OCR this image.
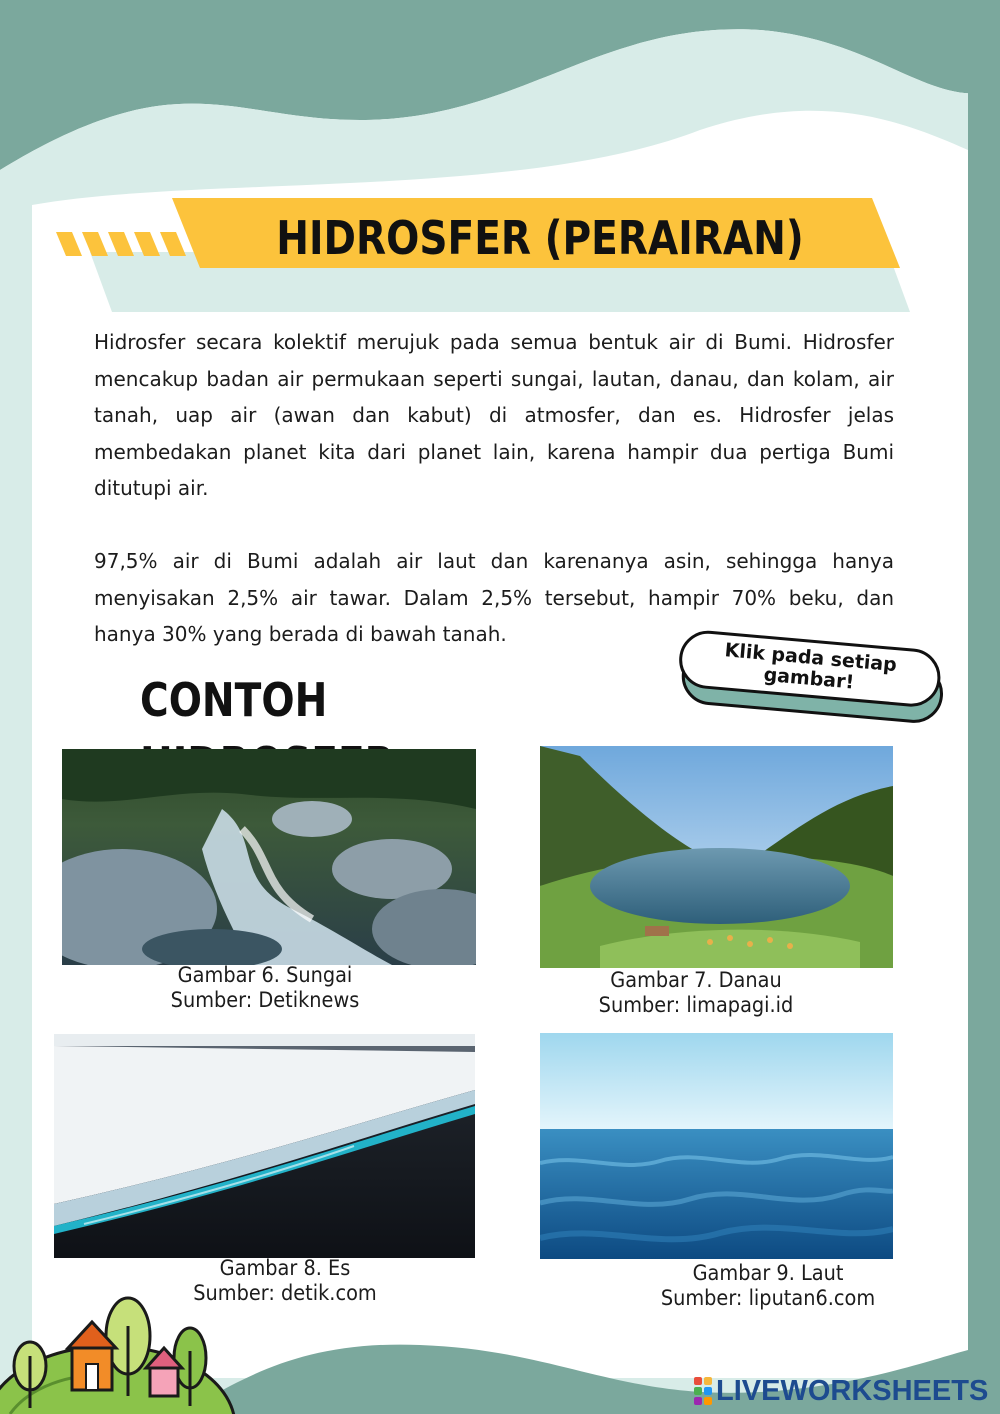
HIDROSFER (PERAIRAN)

Hidrosfer secara kolektif merujuk pada semua bentuk air di Bumi. Hidrosfer mencakup badan air permukaan seperti sungai, lautan, danau, dan kolam, air tanah, uap air (awan dan kabut) di atmosfer, dan es. Hidrosfer jelas membedakan planet kita dari planet lain, karena hampir dua pertiga Bumi ditutupi air.

97,5% air di Bumi adalah air laut dan karenanya asin, sehingga hanya menyisakan 2,5% air tawar. Dalam 2,5% tersebut, hampir 70% beku, dan hanya 30% yang berada di bawah tanah.

CONTOH
Klik pada setiap
gambar!
Gambar 6. Sungai
Sumber: Detiknews
Gambar 7. Danau
Sumber: limapagi.id
Gambar 8. Es
Sumber: detik.com
Gambar 9. Laut
Sumber: liputan6.com
LIVEWORKSHEETS
